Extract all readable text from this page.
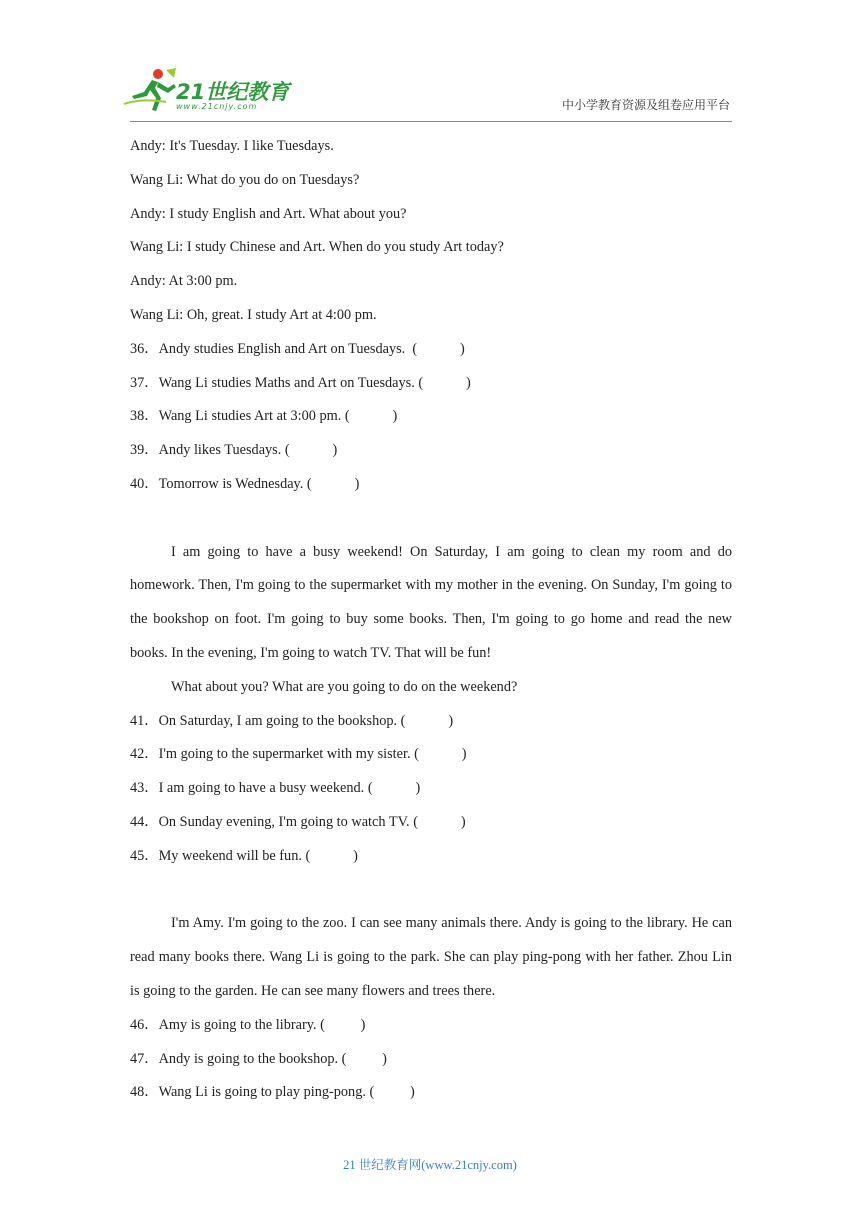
21世纪教育
www.21cnjy.com	中小学教育资源及组卷应用平台
Andy: It's Tuesday. I like Tuesdays.
Wang Li: What do you do on Tuesdays?
Andy: I study English and Art. What about you?
Wang Li: I study Chinese and Art. When do you study Art today?
Andy: At 3:00 pm.
Wang Li: Oh, great. I study Art at 4:00 pm.
36．Andy studies English and Art on Tuesdays.  (            )
37．Wang Li studies Maths and Art on Tuesdays. (            )
38．Wang Li studies Art at 3:00 pm. (            )
39．Andy likes Tuesdays. (            )
40．Tomorrow is Wednesday. (            )

I am going to have a busy weekend! On Saturday, I am going to clean my room and do homework. Then, I'm going to the supermarket with my mother in the evening. On Sunday, I'm going to the bookshop on foot. I'm going to buy some books. Then, I'm going to go home and read the new books. In the evening, I'm going to watch TV. That will be fun!

What about you? What are you going to do on the weekend?

41．On Saturday, I am going to the bookshop. (            )
42．I'm going to the supermarket with my sister. (            )
43．I am going to have a busy weekend. (            )
44．On Sunday evening, I'm going to watch TV. (            )
45．My weekend will be fun. (            )

I'm Amy. I'm going to the zoo. I can see many animals there. Andy is going to the library. He can read many books there. Wang Li is going to the park. She can play ping-pong with her father. Zhou Lin is going to the garden. He can see many flowers and trees there.

46．Amy is going to the library. (          )
47．Andy is going to the bookshop. (          )
48．Wang Li is going to play ping-pong. (          )
21 世纪教育网(www.21cnjy.com)
